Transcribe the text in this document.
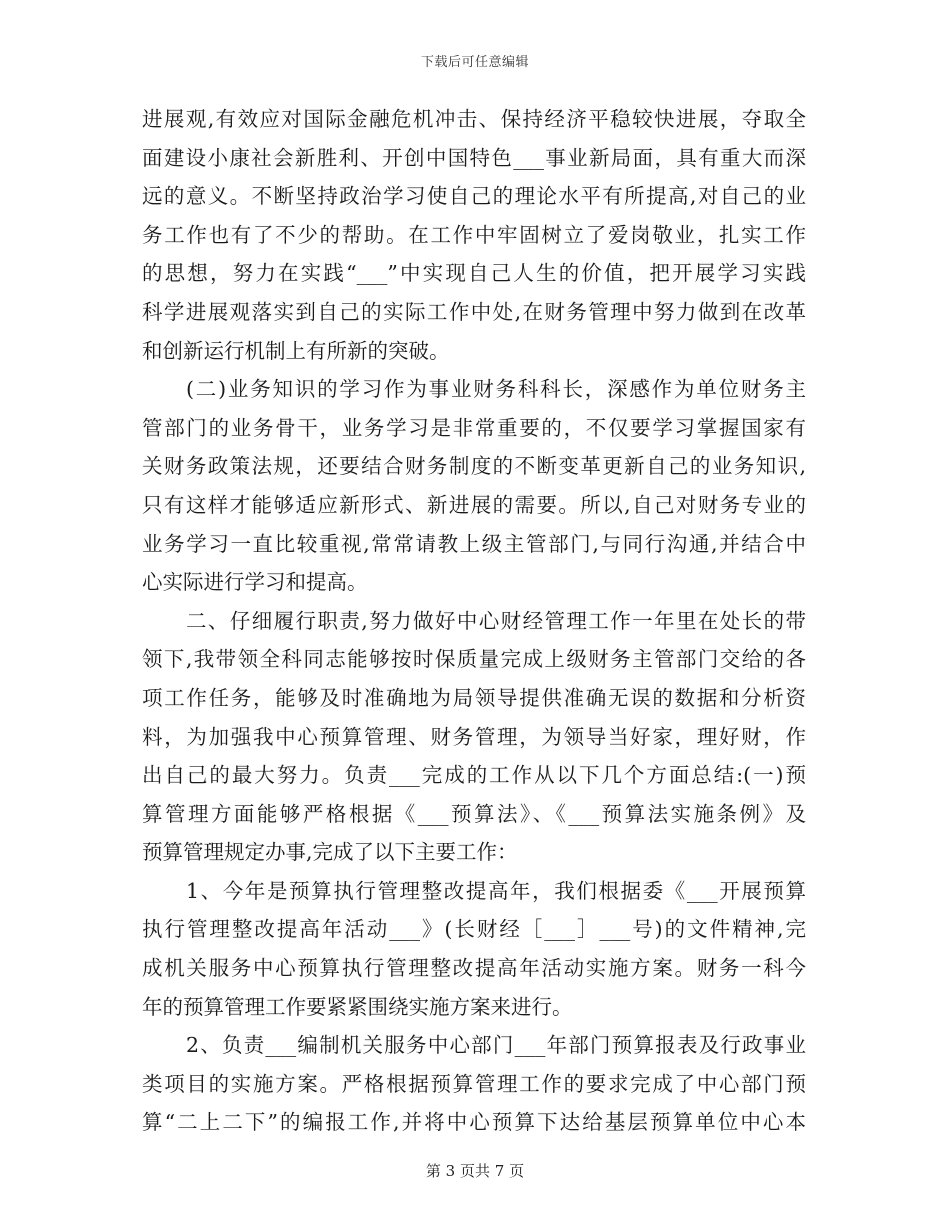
下载后可任意编辑
进展观,有效应对国际金融危机冲击、保持经济平稳较快进展，夺取全
面建设小康社会新胜利、开创中国特色___事业新局面，具有重大而深
远的意义。不断坚持政治学习使自己的理论水平有所提高,对自己的业
务工作也有了不少的帮助。在工作中牢固树立了爱岗敬业，扎实工作
的思想，努力在实践“___”中实现自己人生的价值，把开展学习实践
科学进展观落实到自己的实际工作中处,在财务管理中努力做到在改革
和创新运行机制上有所新的突破。
(二)业务知识的学习作为事业财务科科长，深感作为单位财务主
管部门的业务骨干，业务学习是非常重要的，不仅要学习掌握国家有
关财务政策法规，还要结合财务制度的不断变革更新自己的业务知识,
只有这样才能够适应新形式、新进展的需要。所以,自己对财务专业的
业务学习一直比较重视,常常请教上级主管部门,与同行沟通,并结合中
心实际进行学习和提高。
二、仔细履行职责,努力做好中心财经管理工作一年里在处长的带
领下,我带领全科同志能够按时保质量完成上级财务主管部门交给的各
项工作任务，能够及时准确地为局领导提供准确无误的数据和分析资
料，为加强我中心预算管理、财务管理，为领导当好家，理好财，作
出自己的最大努力。负责___完成的工作从以下几个方面总结:(一)预
算管理方面能够严格根据《___预算法》、《___预算法实施条例》及
预算管理规定办事,完成了以下主要工作：
1、今年是预算执行管理整改提高年，我们根据委《___开展预算
执行管理整改提高年活动___》(长财经［___］___号)的文件精神,完
成机关服务中心预算执行管理整改提高年活动实施方案。财务一科今
年的预算管理工作要紧紧围绕实施方案来进行。
2、负责___编制机关服务中心部门___年部门预算报表及行政事业
类项目的实施方案。严格根据预算管理工作的要求完成了中心部门预
算“二上二下”的编报工作,并将中心预算下达给基层预算单位中心本
第 3 页共 7 页
